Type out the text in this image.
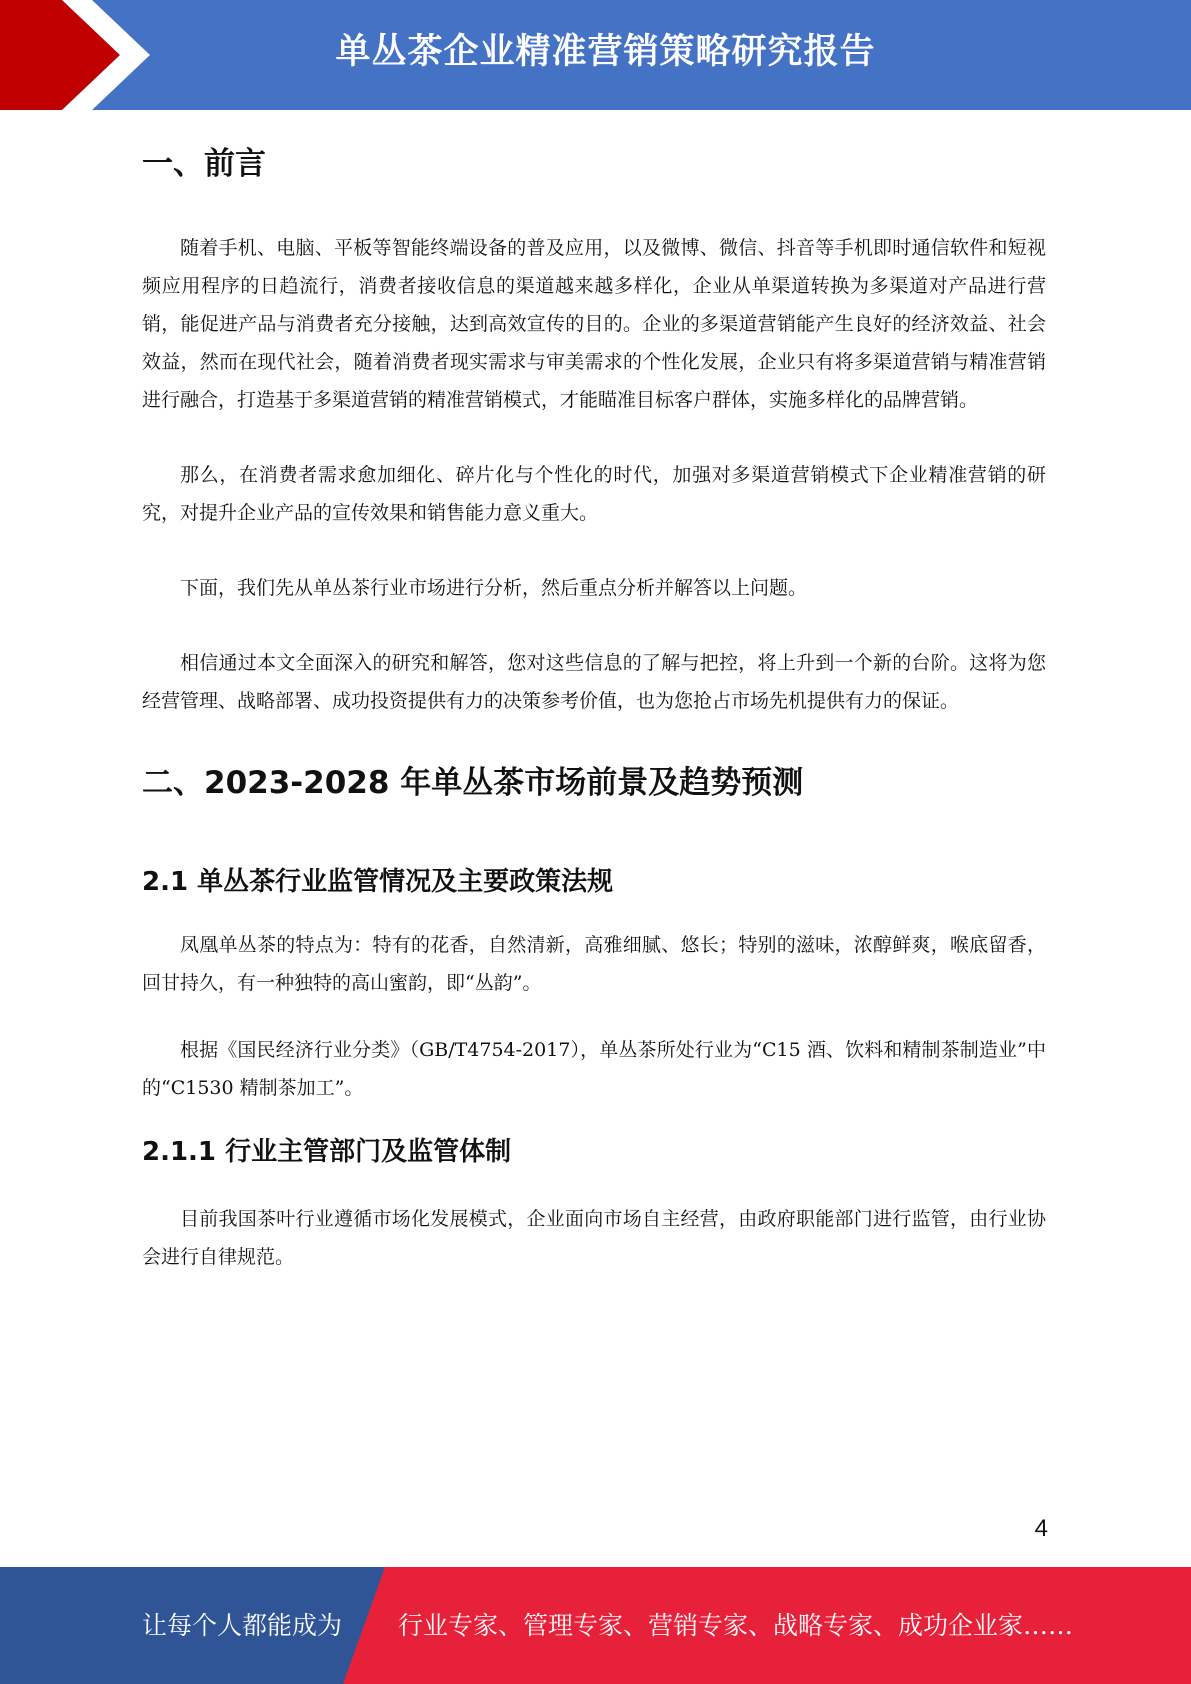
单丛茶企业精准营销策略研究报告
一、前言

随着手机、电脑、平板等智能终端设备的普及应用，以及微博、微信、抖音等手机即时通信软件和短视频应用程序的日趋流行，消费者接收信息的渠道越来越多样化，企业从单渠道转换为多渠道对产品进行营销，能促进产品与消费者充分接触，达到高效宣传的目的。企业的多渠道营销能产生良好的经济效益、社会效益，然而在现代社会，随着消费者现实需求与审美需求的个性化发展，企业只有将多渠道营销与精准营销进行融合，打造基于多渠道营销的精准营销模式，才能瞄准目标客户群体，实施多样化的品牌营销。

那么，在消费者需求愈加细化、碎片化与个性化的时代，加强对多渠道营销模式下企业精准营销的研究，对提升企业产品的宣传效果和销售能力意义重大。

下面，我们先从单丛茶行业市场进行分析，然后重点分析并解答以上问题。

相信通过本文全面深入的研究和解答，您对这些信息的了解与把控，将上升到一个新的台阶。这将为您经营管理、战略部署、成功投资提供有力的决策参考价值，也为您抢占市场先机提供有力的保证。

二、2023-2028 年单丛茶市场前景及趋势预测
2.1 单丛茶行业监管情况及主要政策法规

凤凰单丛茶的特点为：特有的花香，自然清新，高雅细腻、悠长；特别的滋味，浓醇鲜爽，喉底留香，回甘持久，有一种独特的高山蜜韵，即“丛韵”。

根据《国民经济行业分类》（GB/T4754-2017），单丛茶所处行业为“C15 酒、饮料和精制茶制造业”中的“C1530 精制茶加工”。

2.1.1 行业主管部门及监管体制

目前我国茶叶行业遵循市场化发展模式，企业面向市场自主经营，由政府职能部门进行监管，由行业协会进行自律规范。

4
让每个人都能成为 行业专家、管理专家、营销专家、战略专家、成功企业家……
